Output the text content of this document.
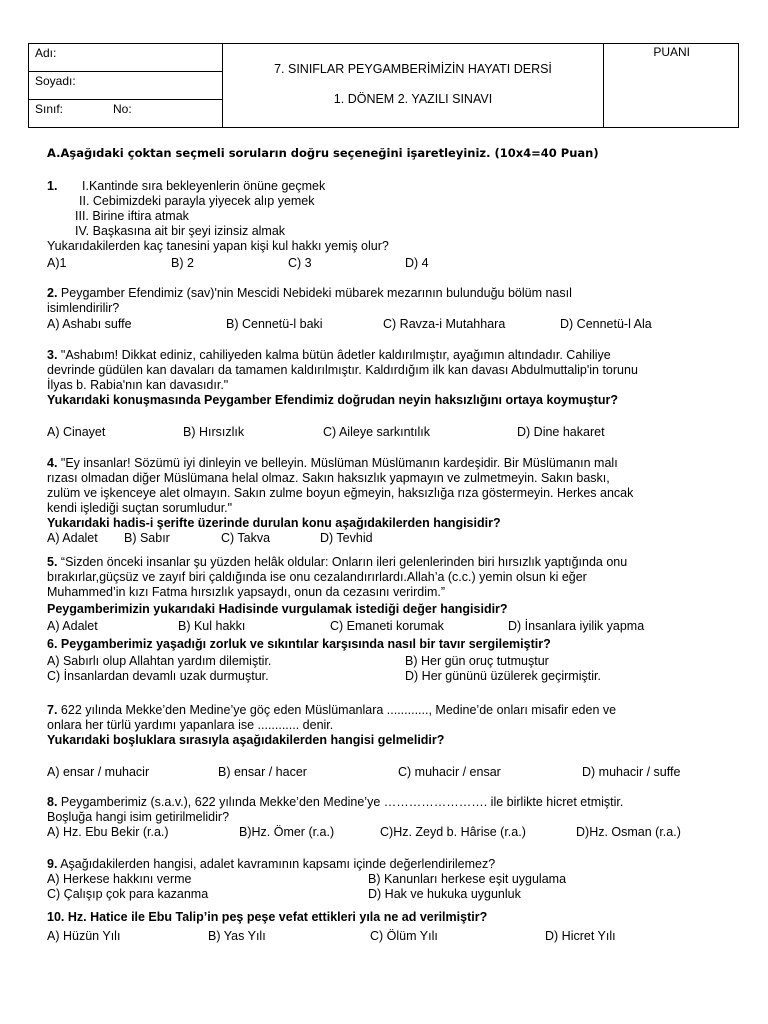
Adı:
Soyadı:
Sınıf:	No:
7. SINIFLAR PEYGAMBERİMİZİN HAYATI DERSİ
1. DÖNEM 2. YAZILI SINAVI
PUANI
A.Aşağıdaki çoktan seçmeli soruların doğru seçeneğini işaretleyiniz. (10x4=40 Puan)
1. I.Kantinde sıra bekleyenlerin önüne geçmek
II. Cebimizdeki parayla yiyecek alıp yemek
III. Birine iftira atmak
IV. Başkasına ait bir şeyi izinsiz almak
Yukarıdakilerden kaç tanesini yapan kişi kul hakkı yemiş olur?
A)1	B) 2	C) 3	D) 4
2. Peygamber Efendimiz (sav)'nin Mescidi Nebideki mübarek mezarının bulunduğu bölüm nasıl
isimlendirilir?
A) Ashabı suffe	B) Cennetü-l baki	C) Ravza-i Mutahhara	D) Cennetü-l Ala
3. "Ashabım! Dikkat ediniz, cahiliyeden kalma bütün âdetler kaldırılmıştır, ayağımın altındadır. Cahiliye
devrinde güdülen kan davaları da tamamen kaldırılmıştır. Kaldırdığım ilk kan davası Abdulmuttalip'in torunu
İlyas b. Rabia'nın kan davasıdır."
Yukarıdaki konuşmasında Peygamber Efendimiz doğrudan neyin haksızlığını ortaya koymuştur?
A) Cinayet	B) Hırsızlık	C) Aileye sarkıntılık	D) Dine hakaret
4. "Ey insanlar! Sözümü iyi dinleyin ve belleyin. Müslüman Müslümanın kardeşidir. Bir Müslümanın malı
rızası olmadan diğer Müslümana helal olmaz. Sakın haksızlık yapmayın ve zulmetmeyin. Sakın baskı,
zulüm ve işkenceye alet olmayın. Sakın zulme boyun eğmeyin, haksızlığa rıza göstermeyin. Herkes ancak
kendi işlediği suçtan sorumludur."
Yukarıdaki hadis-i şerifte üzerinde durulan konu aşağıdakilerden hangisidir?
A) Adalet B) Sabır	C) Takva	D) Tevhid
5. “Sizden önceki insanlar şu yüzden helâk oldular: Onların ileri gelenlerinden biri hırsızlık yaptığında onu
bırakırlar,güçsüz ve zayıf biri çaldığında ise onu cezalandırırlardı.Allah’a (c.c.) yemin olsun ki eğer
Muhammed’in kızı Fatma hırsızlık yapsaydı, onun da cezasını verirdim.”
Peygamberimizin yukarıdaki Hadisinde vurgulamak istediği değer hangisidir?
A) Adalet	B) Kul hakkı	C) Emaneti korumak	D) İnsanlara iyilik yapma
6. Peygamberimiz yaşadığı zorluk ve sıkıntılar karşısında nasıl bir tavır sergilemiştir?
A) Sabırlı olup Allahtan yardım dilemiştir.	B) Her gün oruç tutmuştur
C) İnsanlardan devamlı uzak durmuştur.	D) Her gününü üzülerek geçirmiştir.
7. 622 yılında Mekke’den Medine’ye göç eden Müslümanlara ............, Medine’de onları misafir eden ve
onlara her türlü yardımı yapanlara ise ............ denir.
Yukarıdaki boşluklara sırasıyla aşağıdakilerden hangisi gelmelidir?
A) ensar / muhacir	B) ensar / hacer	C) muhacir / ensar	D) muhacir / suffe
8. Peygamberimiz (s.a.v.), 622 yılında Mekke’den Medine’ye ……………………. ile birlikte hicret etmiştir.
Boşluğa hangi isim getirilmelidir?
A) Hz. Ebu Bekir (r.a.)	B)Hz. Ömer (r.a.)	C)Hz. Zeyd b. Hârise (r.a.)	D)Hz. Osman (r.a.)
9. Aşağıdakilerden hangisi, adalet kavramının kapsamı içinde değerlendirilemez?
A) Herkese hakkını verme	B) Kanunları herkese eşit uygulama
C) Çalışıp çok para kazanma	D) Hak ve hukuka uygunluk
10. Hz. Hatice ile Ebu Talip’in peş peşe vefat ettikleri yıla ne ad verilmiştir?
A) Hüzün Yılı	B) Yas Yılı	C) Ölüm Yılı	D) Hicret Yılı
